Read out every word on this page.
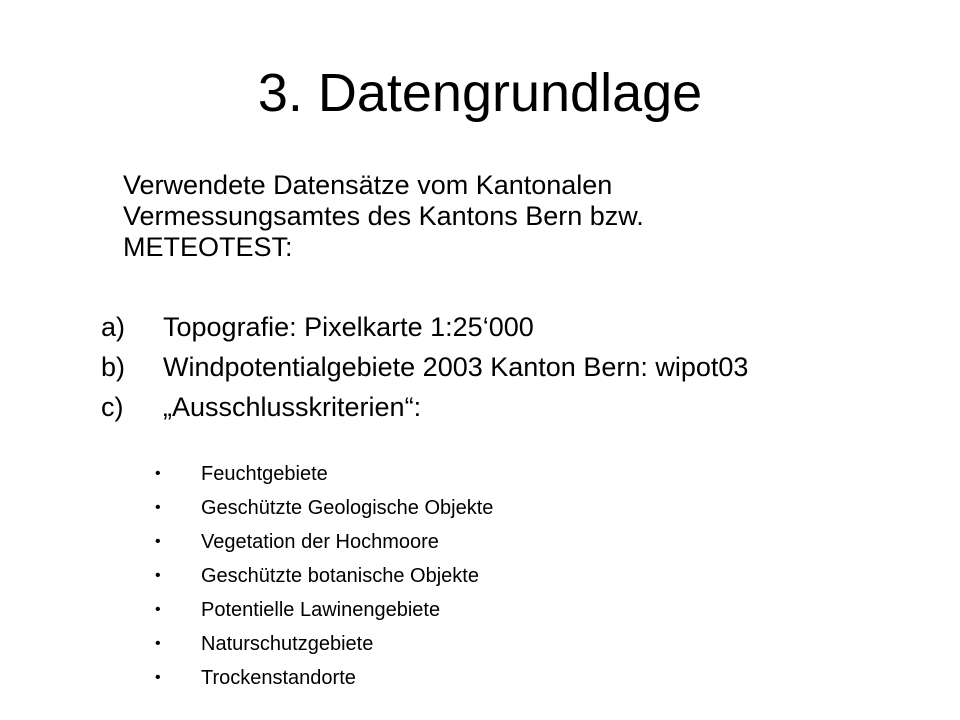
3. Datengrundlage

Verwendete Datensätze vom Kantonalen
Vermessungsamtes des Kantons Bern bzw.
METEOTEST:

a) Topografie: Pixelkarte 1:25‘000
b) Windpotentialgebiete 2003 Kanton Bern: wipot03
c) „Ausschlusskriterien“:
• Feuchtgebiete
• Geschützte Geologische Objekte
• Vegetation der Hochmoore
• Geschützte botanische Objekte
• Potentielle Lawinengebiete
• Naturschutzgebiete
• Trockenstandorte
